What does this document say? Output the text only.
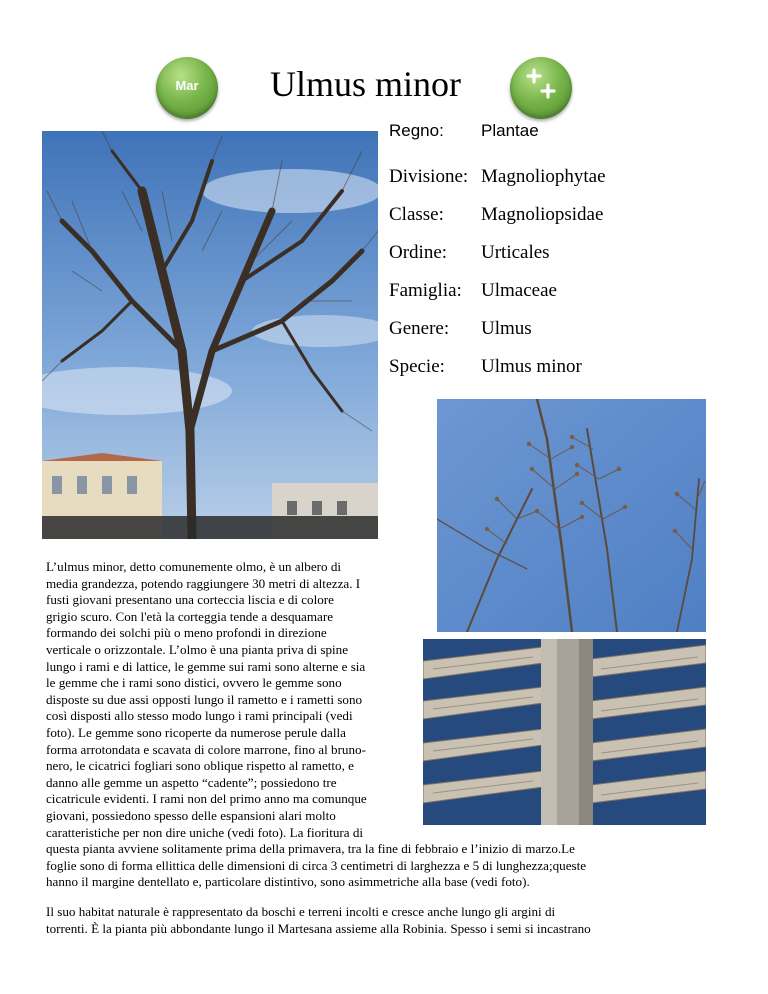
Mar	Ulmus minor
Regno: Plantae
Divisione: Magnoliophytae
Classe: Magnoliopsidae
Ordine: Urticales
Famiglia: Ulmaceae
Genere: Ulmus
Specie: Ulmus minor
L’ulmus minor, detto comunemente olmo, è un albero di
media grandezza, potendo raggiungere 30 metri di altezza. I
fusti giovani presentano una corteccia liscia e di colore
grigio scuro. Con l'età la corteggia tende a desquamare
formando dei solchi più o meno profondi in direzione
verticale o orizzontale. L’olmo è una pianta priva di spine
lungo i rami e di lattice, le gemme sui rami sono alterne e sia
le gemme che i rami sono distici, ovvero le gemme sono
disposte su due assi opposti lungo il rametto e i rametti sono
così disposti allo stesso modo lungo i rami principali (vedi
foto). Le gemme sono ricoperte da numerose perule dalla
forma arrotondata e scavata di colore marrone, fino al bruno-
nero, le cicatrici fogliari sono oblique rispetto al rametto, e
danno alle gemme un aspetto “cadente”; possiedono tre
cicatricule evidenti. I rami non del primo anno ma comunque
giovani, possiedono spesso delle espansioni alari molto
caratteristiche per non dire uniche (vedi foto). La fioritura di
questa pianta avviene solitamente prima della primavera, tra la fine di febbraio e l’inizio di marzo.Le
foglie sono di forma ellittica delle dimensioni di circa 3 centimetri di larghezza e 5 di lunghezza;queste
hanno il margine dentellato e, particolare distintivo, sono asimmetriche alla base (vedi foto).
Il suo habitat naturale è rappresentato da boschi e terreni incolti e cresce anche lungo gli argini di
torrenti. È la pianta più abbondante lungo il Martesana assieme alla Robinia. Spesso i semi si incastrano
